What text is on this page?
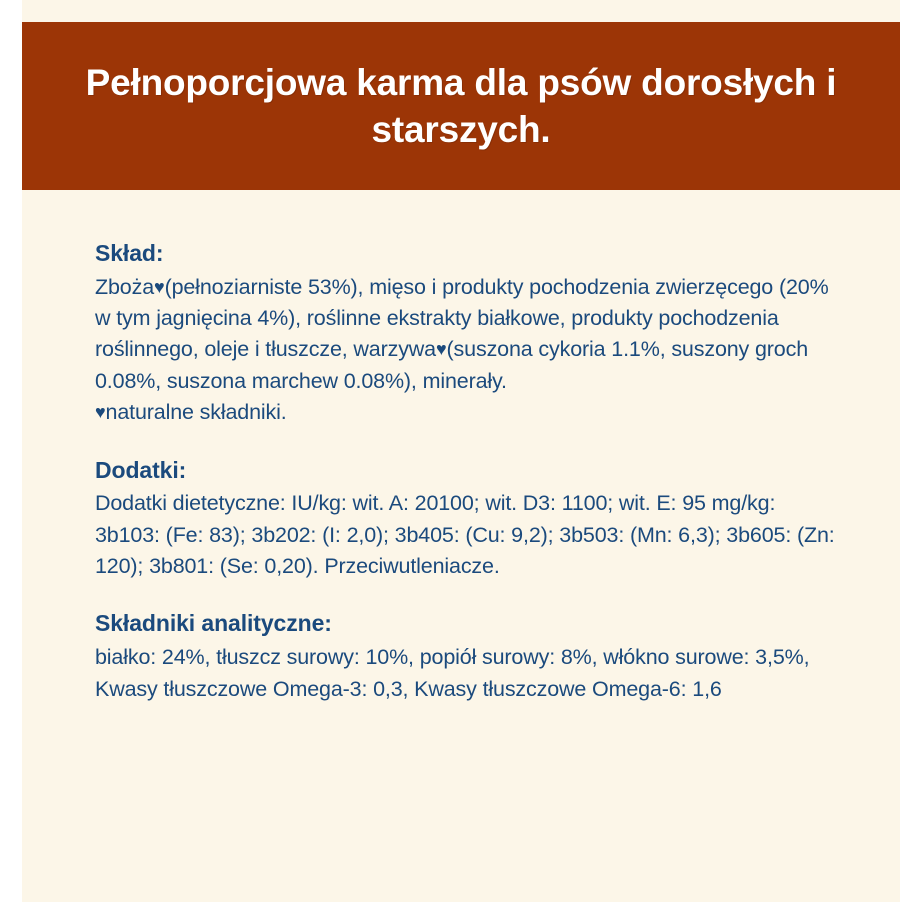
Pełnoporcjowa karma dla psów dorosłych i starszych.
Skład:

Zboża♥(pełnoziarniste 53%), mięso i produkty pochodzenia zwierzęcego (20% w tym jagnięcina 4%), roślinne ekstrakty białkowe, produkty pochodzenia roślinnego, oleje i tłuszcze, warzywa♥(suszona cykoria 1.1%, suszony groch 0.08%, suszona marchew 0.08%), minerały.
♥naturalne składniki.

Dodatki:

Dodatki dietetyczne: IU/kg: wit. A: 20100; wit. D3: 1100; wit. E: 95 mg/kg: 3b103: (Fe: 83); 3b202: (I: 2,0); 3b405: (Cu: 9,2); 3b503: (Mn: 6,3); 3b605: (Zn: 120); 3b801: (Se: 0,20). Przeciwutleniacze.

Składniki analityczne:

białko: 24%, tłuszcz surowy: 10%, popiół surowy: 8%, włókno surowe: 3,5%, Kwasy tłuszczowe Omega-3: 0,3, Kwasy tłuszczowe Omega-6: 1,6
